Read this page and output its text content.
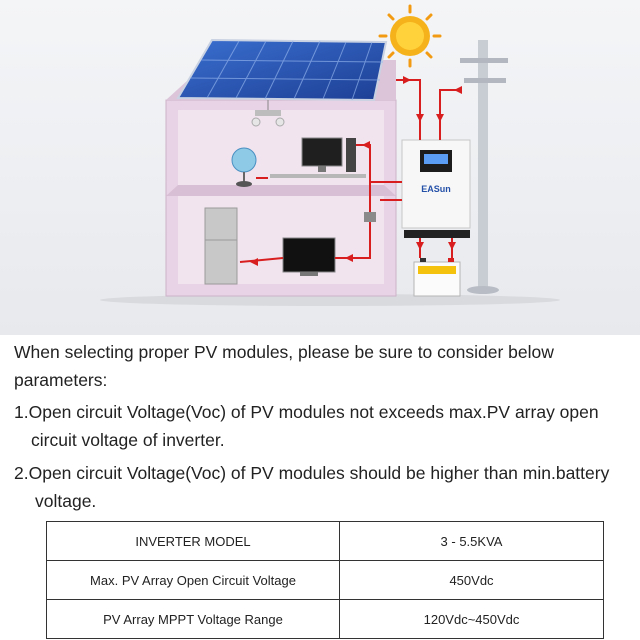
EASun
When selecting proper PV modules, please be sure to consider below
parameters:
1.Open circuit Voltage(Voc) of PV modules not exceeds max.PV array open
circuit voltage of inverter.
2.Open circuit Voltage(Voc) of PV modules should be higher than min.battery
voltage.
INVERTER MODEL	3 - 5.5KVA
Max. PV Array Open Circuit Voltage	450Vdc
PV Array MPPT Voltage Range	120Vdc~450Vdc
